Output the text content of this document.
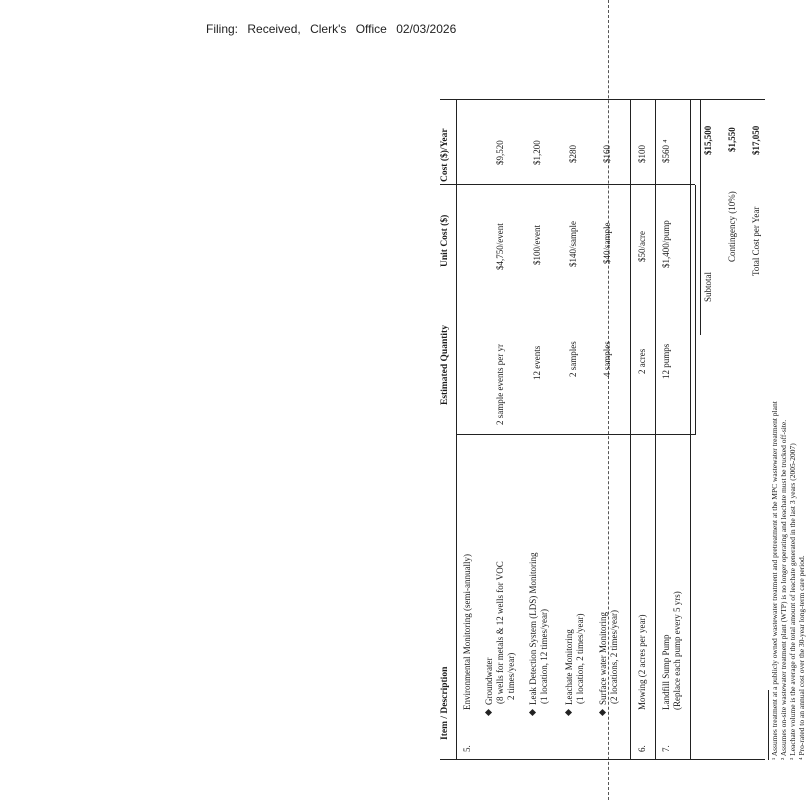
Filing: Received, Clerk's Office 02/03/2026
Item / Description
Estimated Quantity
Unit Cost ($)
Cost ($)/Year
5.
Environmental Monitoring (semi-annually) Groundwater (8 wells for metals & 12 wells for VOC 2 times/year)
2 sample events per yr
$4,750/event
$9,520
Leak Detection System (LDS) Monitoring (1 location, 12 times/year)
12 events
$100/event
$1,200
Leachate Monitoring (1 location, 2 times/year)
2 samples
$140/sample
$280
Surface water Monitoring (2 locations, 2 times/year)
4 samples
$40/sample
$160
6.
Mowing (2 acres per year)
2 acres
$50/acre
$100
7.
Landfill Sump Pump (Replace each pump every 5 yrs)
12 pumps
$1,400/pump
$560 ⁴
Subtotal
$15,500
Contingency (10%)
$1,550
Total Cost per Year
$17,050
¹ Assumes treatment at a publicly owned wastewater treatment and pretreatment at the MPC wastewater treatment plant ² Assumes on-site wastewater treatment plant (WTP) is no longer operating and leachate must be trucked off-site. ³ Leachate volume is the average of the total amount of leachate generated in the last 3 years (2005-2007) ⁴ Pro-rated to an annual cost over the 30-year long-term care period.
